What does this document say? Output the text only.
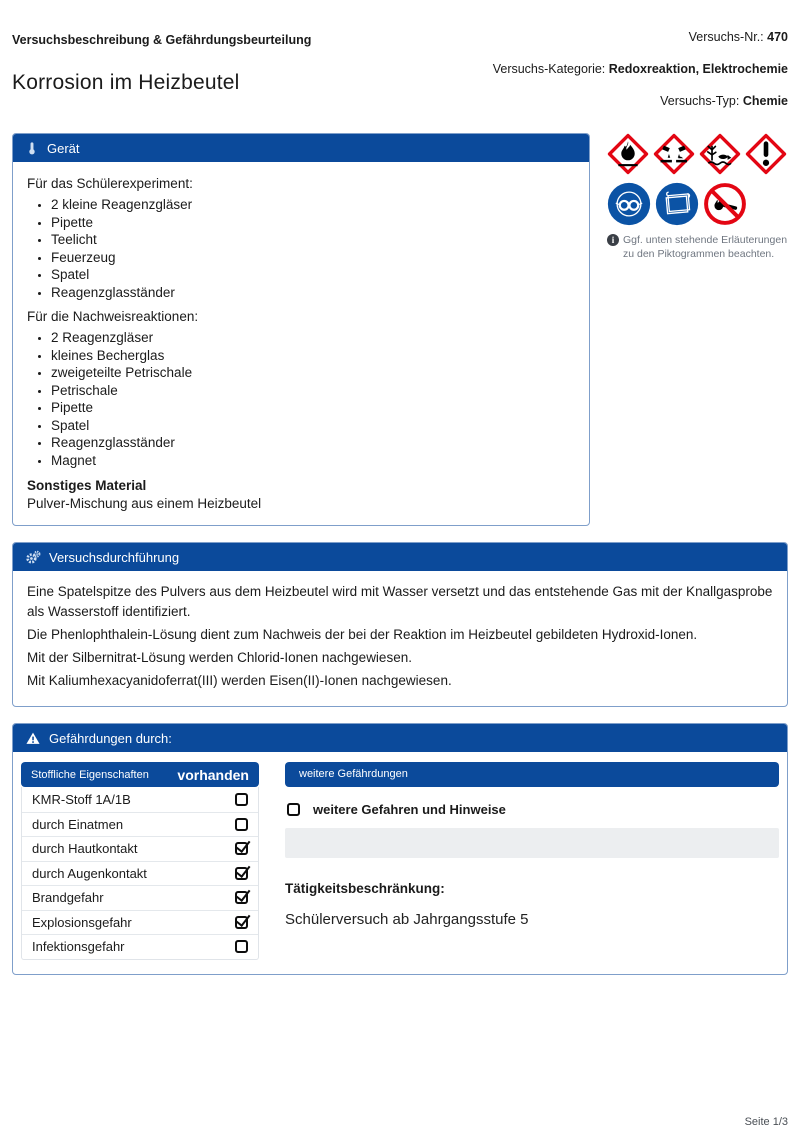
Versuchsbeschreibung & Gefährdungsbeurteilung
Korrosion im Heizbeutel
Versuchs-Nr.: 470
Versuchs-Kategorie: Redoxreaktion, Elektrochemie
Versuchs-Typ: Chemie
Gerät
Für das Schülerexperiment:
• 2 kleine Reagenzgläser
• Pipette
• Teelicht
• Feuerzeug
• Spatel
• Reagenzglasständer
Für die Nachweisreaktionen:
• 2 Reagenzgläser
• kleines Becherglas
• zweigeteilte Petrischale
• Petrischale
• Pipette
• Spatel
• Reagenzglasständer
• Magnet
Sonstiges Material
Pulver-Mischung aus einem Heizbeutel
i Ggf. unten stehende Erläuterungen zu den Piktogrammen beachten.
Versuchsdurchführung

Eine Spatelspitze des Pulvers aus dem Heizbeutel wird mit Wasser versetzt und das entstehende Gas mit der Knallgasprobe als Wasserstoff identifiziert.

Die Phenlophthalein-Lösung dient zum Nachweis der bei der Reaktion im Heizbeutel gebildeten Hydroxid-Ionen.

Mit der Silbernitrat-Lösung werden Chlorid-Ionen nachgewiesen.

Mit Kaliumhexacyanidoferrat(III) werden Eisen(II)-Ionen nachgewiesen.

Gefährdungen durch:
Stoffliche Eigenschaften vorhanden
KMR-Stoff 1A/1B
durch Einatmen
durch Hautkontakt
durch Augenkontakt
Brandgefahr
Explosionsgefahr
Infektionsgefahr
weitere Gefährdungen
weitere Gefahren und Hinweise
Tätigkeitsbeschränkung:
Schülerversuch ab Jahrgangsstufe 5
Seite 1/3
